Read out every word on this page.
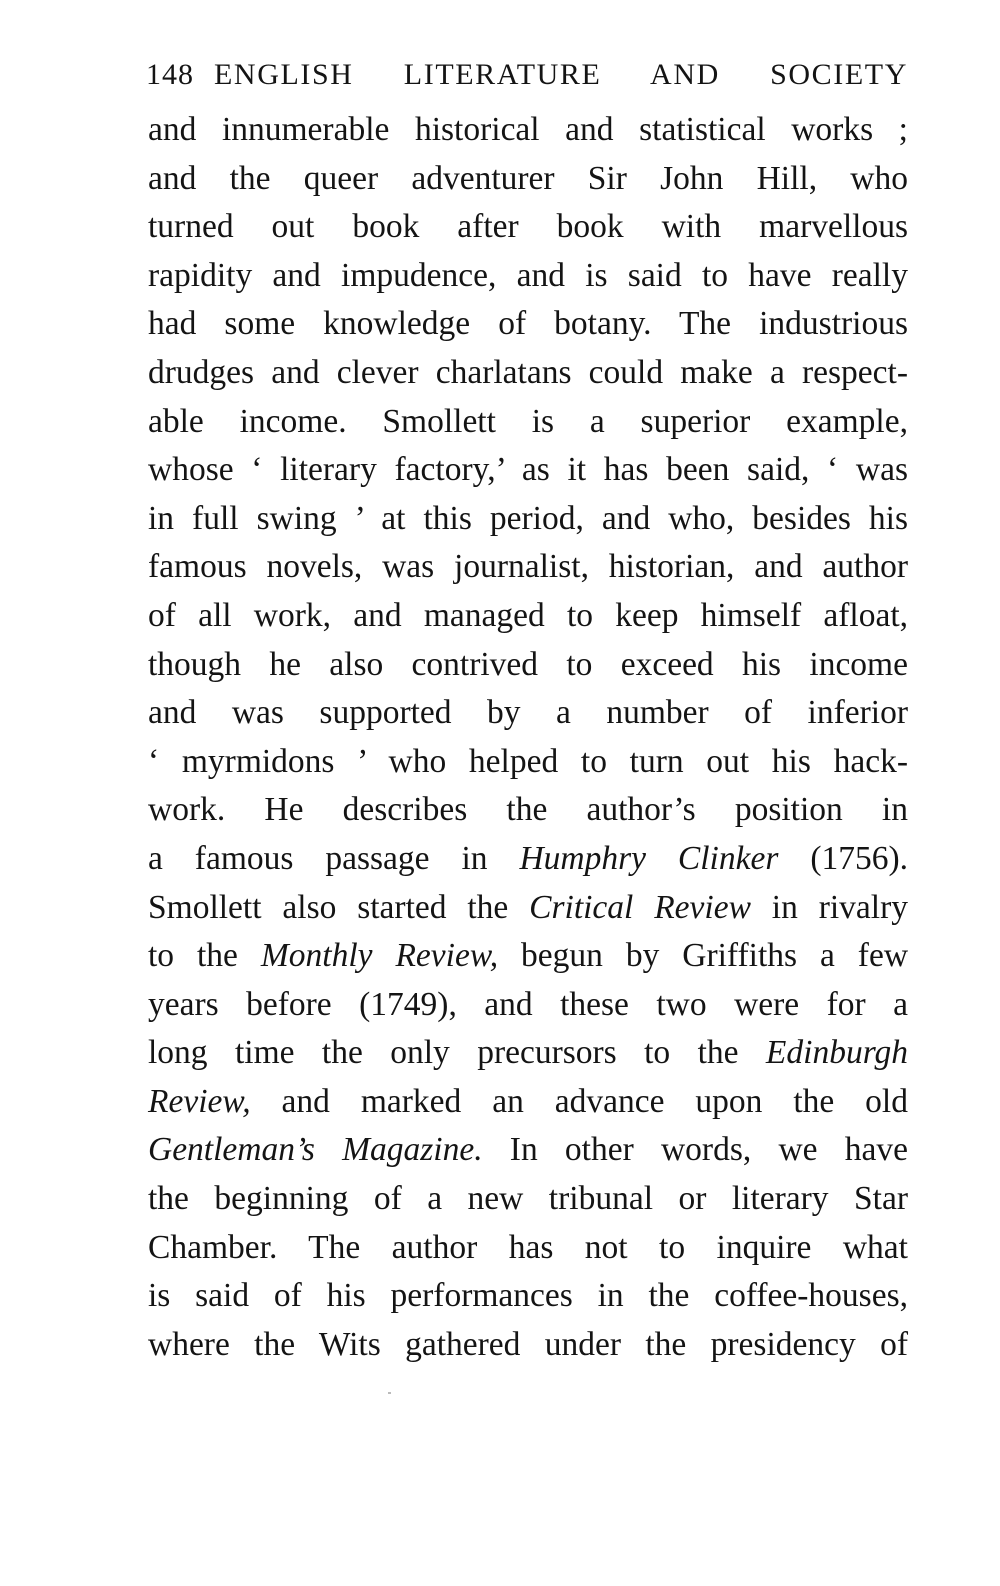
148 ENGLISH LITERATURE AND SOCIETY
and innumerable historical and statistical works ;
and the queer adventurer Sir John Hill, who
turned out book after book with marvellous
rapidity and impudence, and is said to have really
had some knowledge of botany. The industrious
drudges and clever charlatans could make a respect-
able income. Smollett is a superior example,
whose ‘ literary factory,’ as it has been said, ‘ was
in full swing ’ at this period, and who, besides his
famous novels, was journalist, historian, and author
of all work, and managed to keep himself afloat,
though he also contrived to exceed his income
and was supported by a number of inferior
‘ myrmidons ’ who helped to turn out his hack-
work. He describes the author’s position in
a famous passage in Humphry Clinker (1756).
Smollett also started the Critical Review in rivalry
to the Monthly Review, begun by Griffiths a few
years before (1749), and these two were for a
long time the only precursors to the Edinburgh
Review, and marked an advance upon the old
Gentleman’s Magazine. In other words, we have
the beginning of a new tribunal or literary Star
Chamber. The author has not to inquire what
is said of his performances in the coffee-houses,
where the Wits gathered under the presidency of
